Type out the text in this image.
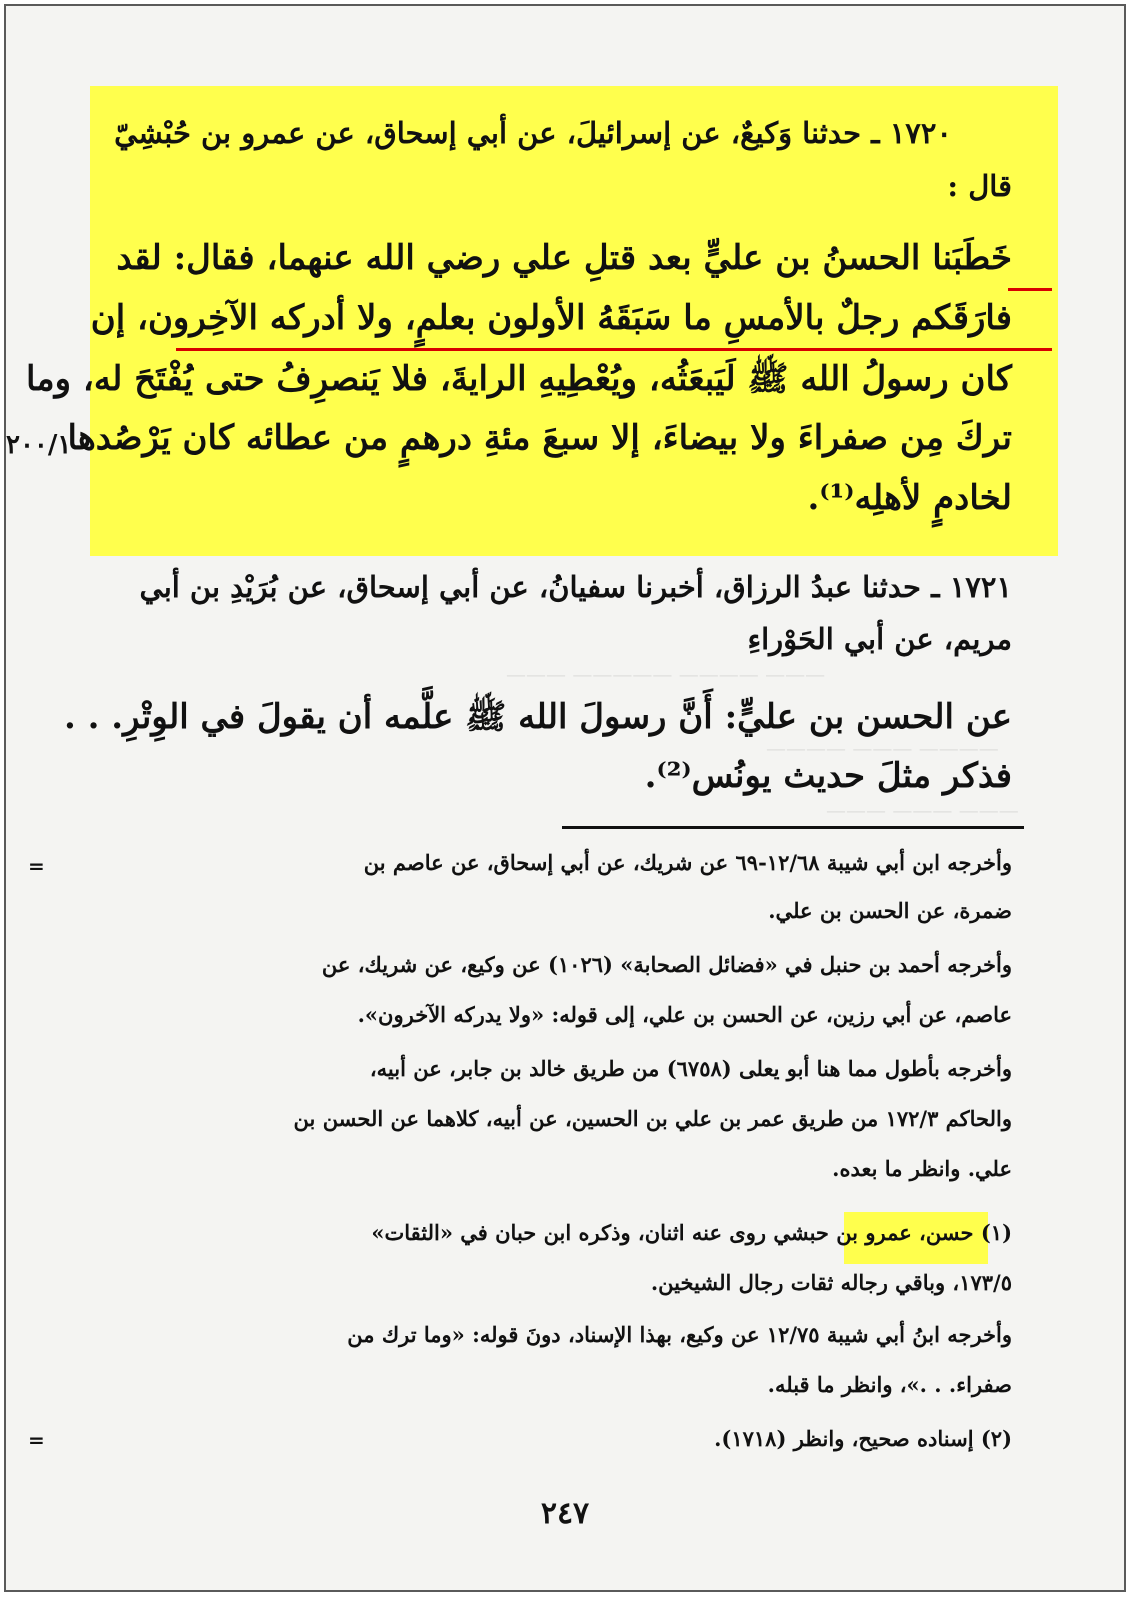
——— ———— ————— ———
———— ——— ————
——— ——— ———
٢٠٠/١
١٧٢٠ ـ حدثنا وَكيعٌ، عن إسرائيلَ، عن أبي إسحاق، عن عمرو بن حُبْشِيّ
قال :
خَطَبَنا الحسنُ بن عليٍّ بعد قتلِ علي رضي الله عنهما، فقال: لقد
فارَقَكم رجلٌ بالأمسِ ما سَبَقَهُ الأولون بعلمٍ، ولا أدركه الآخِرون، إن
كان رسولُ الله ﷺ لَيَبعَثُه، ويُعْطِيهِ الرايةَ، فلا يَنصرِفُ حتى يُفْتَحَ له، وما
تركَ مِن صفراءَ ولا بيضاءَ، إلا سبعَ مئةِ درهمٍ من عطائه كان يَرْصُدها
لخادمٍ لأهلِه⁽¹⁾.
١٧٢١ ـ حدثنا عبدُ الرزاق، أخبرنا سفيانُ، عن أبي إسحاق، عن بُرَيْدِ بن أبي
مريم، عن أبي الحَوْراءِ
عن الحسن بن عليٍّ: أَنَّ رسولَ الله ﷺ علَّمه أن يقولَ في الوِتْرِ. . .
فذكر مثلَ حديث يونُس⁽²⁾.
=	وأخرجه ابن أبي شيبة ١٢/٦٨-٦٩ عن شريك، عن أبي إسحاق، عن عاصم بن
ضمرة، عن الحسن بن علي.
وأخرجه أحمد بن حنبل في «فضائل الصحابة» (١٠٢٦) عن وكيع، عن شريك، عن
عاصم، عن أبي رزين، عن الحسن بن علي، إلى قوله: «ولا يدركه الآخرون».
وأخرجه بأطول مما هنا أبو يعلى (٦٧٥٨) من طريق خالد بن جابر، عن أبيه،
والحاكم ١٧٢/٣ من طريق عمر بن علي بن الحسين، عن أبيه، كلاهما عن الحسن بن
علي. وانظر ما بعده.
(١) حسن، عمرو بن حبشي روى عنه اثنان، وذكره ابن حبان في «الثقات»
١٧٣/٥، وباقي رجاله ثقات رجال الشيخين.
وأخرجه ابنُ أبي شيبة ١٢/٧٥ عن وكيع، بهذا الإسناد، دونَ قوله: «وما ترك من
صفراء. . .»، وانظر ما قبله.
(٢) إسناده صحيح، وانظر (١٧١٨).
=
٢٤٧
